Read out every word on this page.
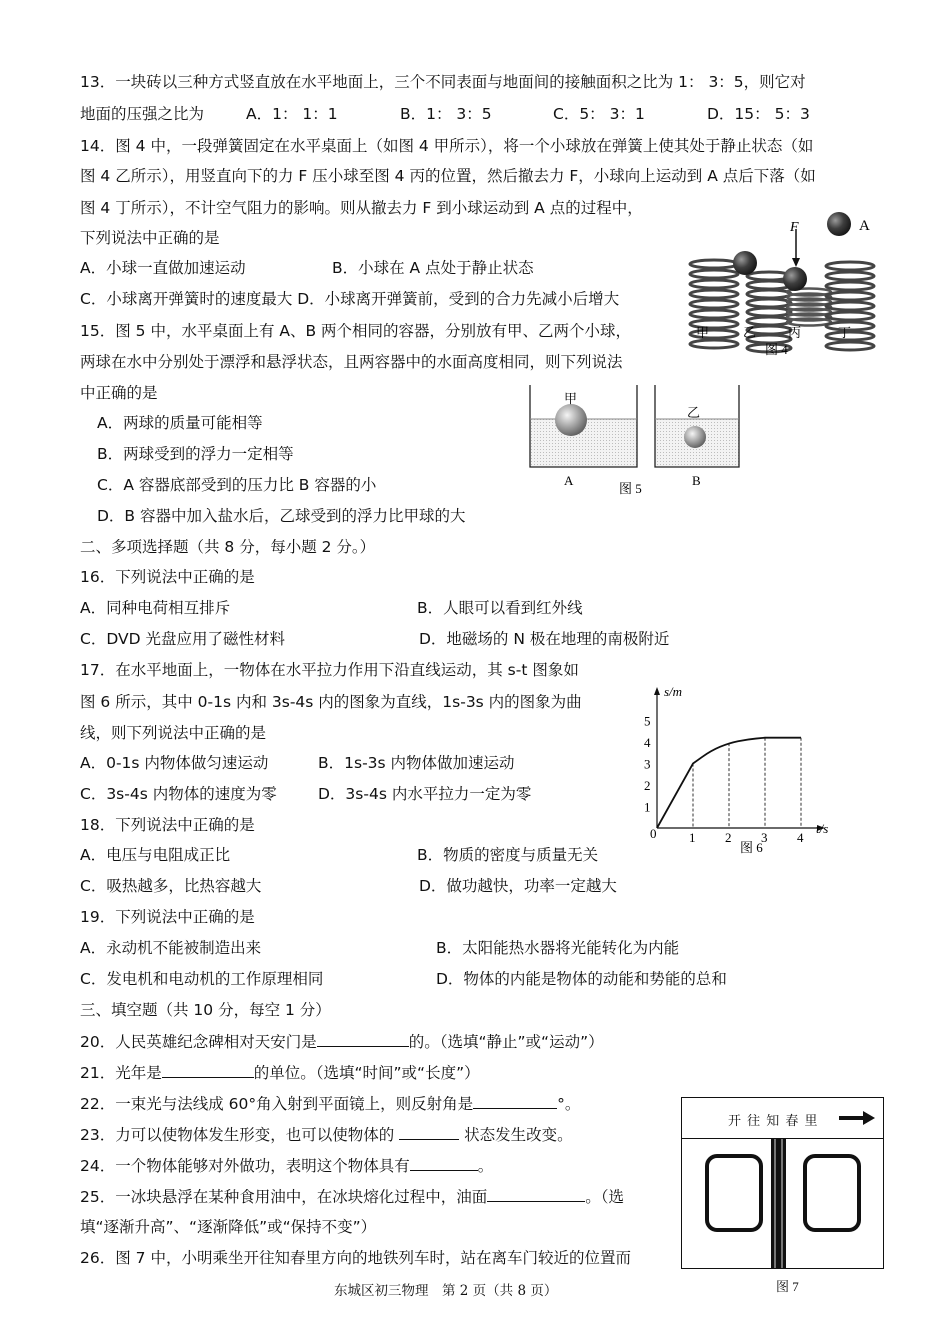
13．一块砖以三种方式竖直放在水平地面上，三个不同表面与地面间的接触面积之比为 1： 3：5，则它对
地面的压强之比为	A．1： 1：1	B．1： 3：5	C．5： 3：1	D．15： 5：3
14．图 4 中，一段弹簧固定在水平桌面上（如图 4 甲所示），将一个小球放在弹簧上使其处于静止状态（如
图 4 乙所示），用竖直向下的力 F 压小球至图 4 丙的位置，然后撤去力 F，小球向上运动到 A 点后下落（如
图 4 丁所示），不计空气阻力的影响。则从撤去力 F 到小球运动到 A 点的过程中，
下列说法中正确的是
A．小球一直做加速运动	B．小球在 A 点处于静止状态
C．小球离开弹簧时的速度最大 D．小球离开弹簧前，受到的合力先减小后增大
F	A
甲	乙 丙	丁
图 4
15．图 5 中，水平桌面上有 A、B 两个相同的容器，分别放有甲、乙两个小球，
两球在水中分别处于漂浮和悬浮状态，且两容器中的水面高度相同，则下列说法
中正确的是
A．两球的质量可能相等
B．两球受到的浮力一定相等
C．A 容器底部受到的压力比 B 容器的小
D．B 容器中加入盐水后，乙球受到的浮力比甲球的大
甲
乙
A
图 5
B
二、多项选择题（共 8 分，每小题 2 分。）
16．下列说法中正确的是
A．同种电荷相互排斥	B．人眼可以看到红外线
C．DVD 光盘应用了磁性材料	D．地磁场的 N 极在地理的南极附近
17．在水平地面上，一物体在水平拉力作用下沿直线运动，其 s-t 图象如
图 6 所示，其中 0-1s 内和 3s-4s 内的图象为直线，1s-3s 内的图象为曲
线，则下列说法中正确的是
A．0-1s 内物体做匀速运动	B．1s-3s 内物体做加速运动
C．3s-4s 内物体的速度为零	D．3s-4s 内水平拉力一定为零
s/m
t/s
0
1
2
3
4
5
1 2 3 4
图 6
18．下列说法中正确的是
A．电压与电阻成正比	B．物质的密度与质量无关
C．吸热越多，比热容越大	D．做功越快，功率一定越大
19．下列说法中正确的是
A．永动机不能被制造出来	B．太阳能热水器将光能转化为内能
C．发电机和电动机的工作原理相同	D．物体的内能是物体的动能和势能的总和
三、填空题（共 10 分，每空 1 分）
20．人民英雄纪念碑相对天安门是	的。（选填“静止”或“运动”）
21．光年是	的单位。（选填“时间”或“长度”）
22．一束光与法线成 60°角入射到平面镜上，则反射角是	°。
23．力可以使物体发生形变，也可以使物体的	状态发生改变。
24．一个物体能够对外做功，表明这个物体具有	。
25．一冰块悬浮在某种食用油中，在冰块熔化过程中，油面	。（选
填“逐渐升高”、“逐渐降低”或“保持不变”）
26．图 7 中，小明乘坐开往知春里方向的地铁列车时，站在离车门较近的位置而
开 往 知 春 里
图 7
东城区初三物理　第 2 页（共 8 页）
